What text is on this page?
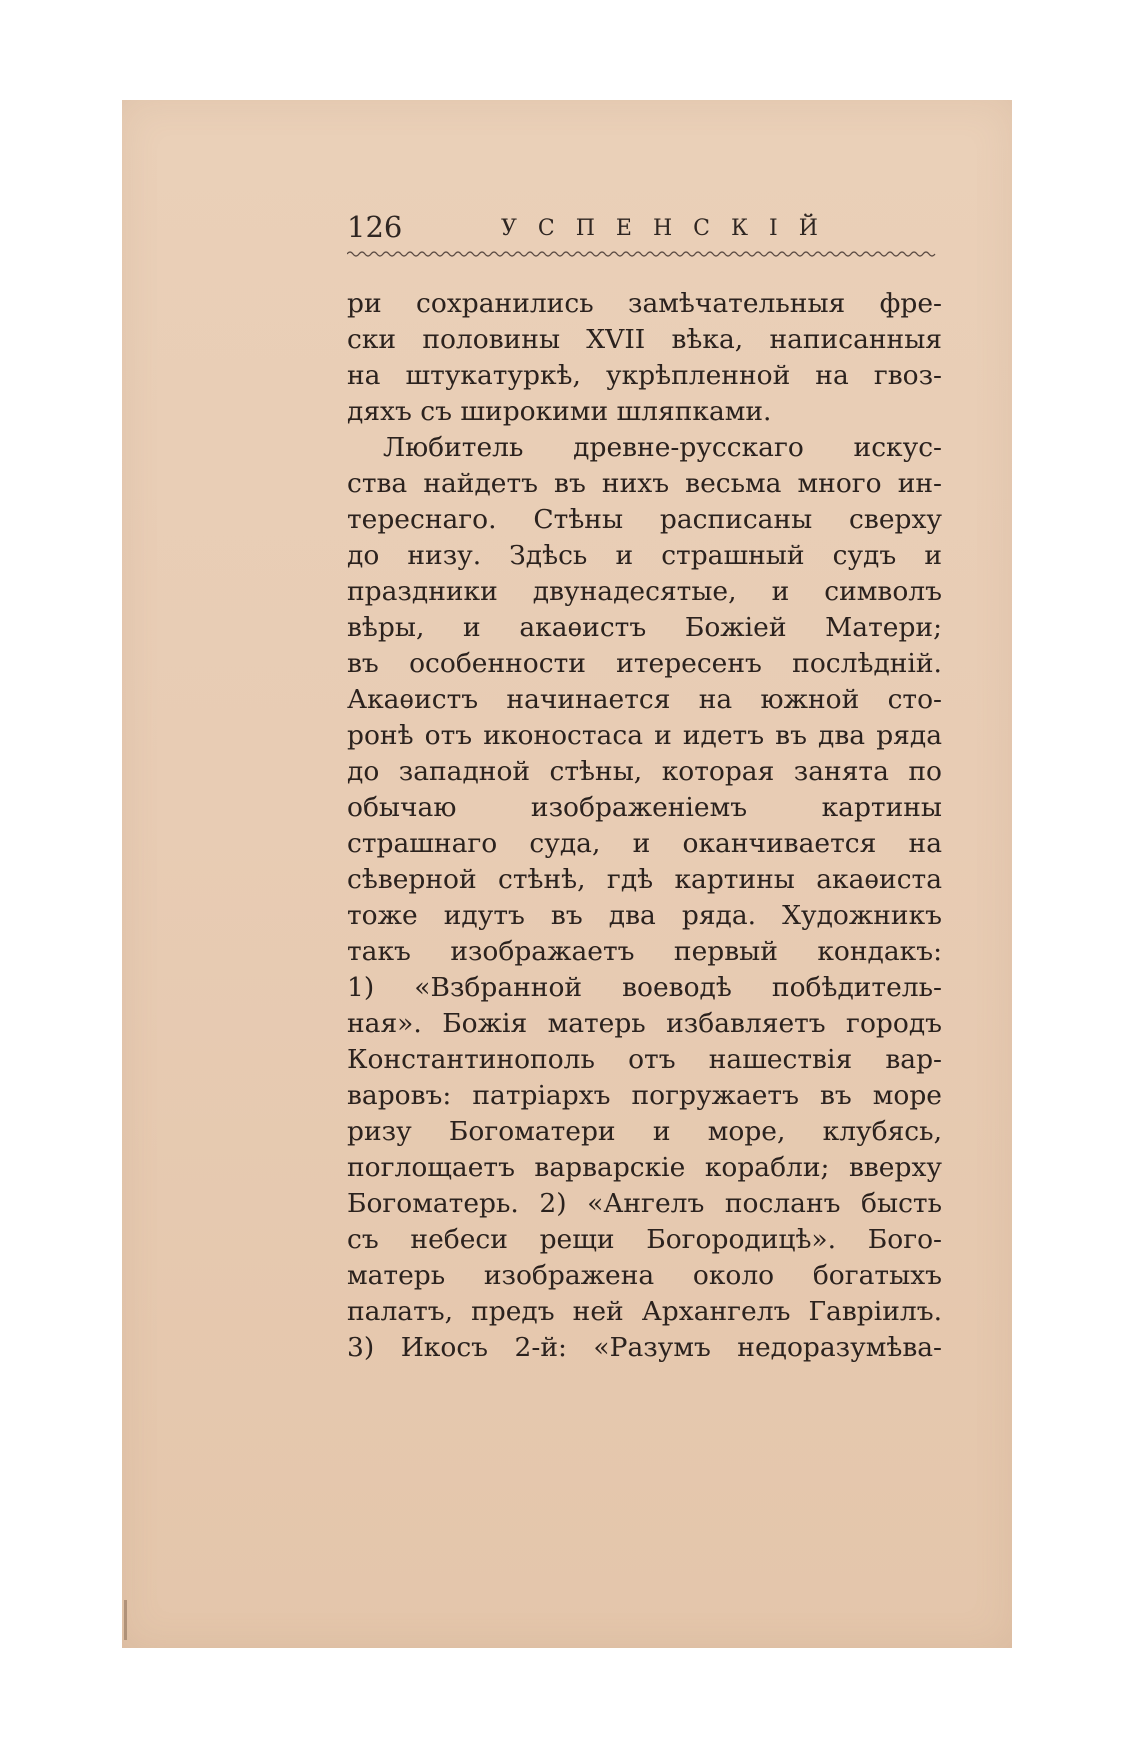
126	УСПЕНСКІЙ
ри сохранились замѣчательныя фре-
ски половины XVII вѣка, написанныя
на штукатуркѣ, укрѣпленной на гвоз-
дяхъ съ широкими шляпками.
Любитель древне-русскаго искус-
ства найдетъ въ нихъ весьма много ин-
тереснаго. Стѣны расписаны сверху
до низу. Здѣсь и страшный судъ и
праздники двунадесятые, и символъ
вѣры, и акаѳистъ Божіей Матери;
въ особенности итересенъ послѣдній.
Акаѳистъ начинается на южной сто-
ронѣ отъ иконостаса и идетъ въ два ряда
до западной стѣны, которая занята по
обычаю изображеніемъ картины
страшнаго суда, и оканчивается на
сѣверной стѣнѣ, гдѣ картины акаѳиста
тоже идутъ въ два ряда. Художникъ
такъ изображаетъ первый кондакъ:
1) «Взбранной воеводѣ побѣдитель-
ная». Божія матерь избавляетъ городъ
Константинополь отъ нашествія вар-
варовъ: патріархъ погружаетъ въ море
ризу Богоматери и море, клубясь,
поглощаетъ варварскіе корабли; вверху
Богоматерь. 2) «Ангелъ посланъ бысть
съ небеси рещи Богородицѣ». Бого-
матерь изображена около богатыхъ
палатъ, предъ ней Архангелъ Гавріилъ.
3) Икосъ 2-й: «Разумъ недоразумѣва-
